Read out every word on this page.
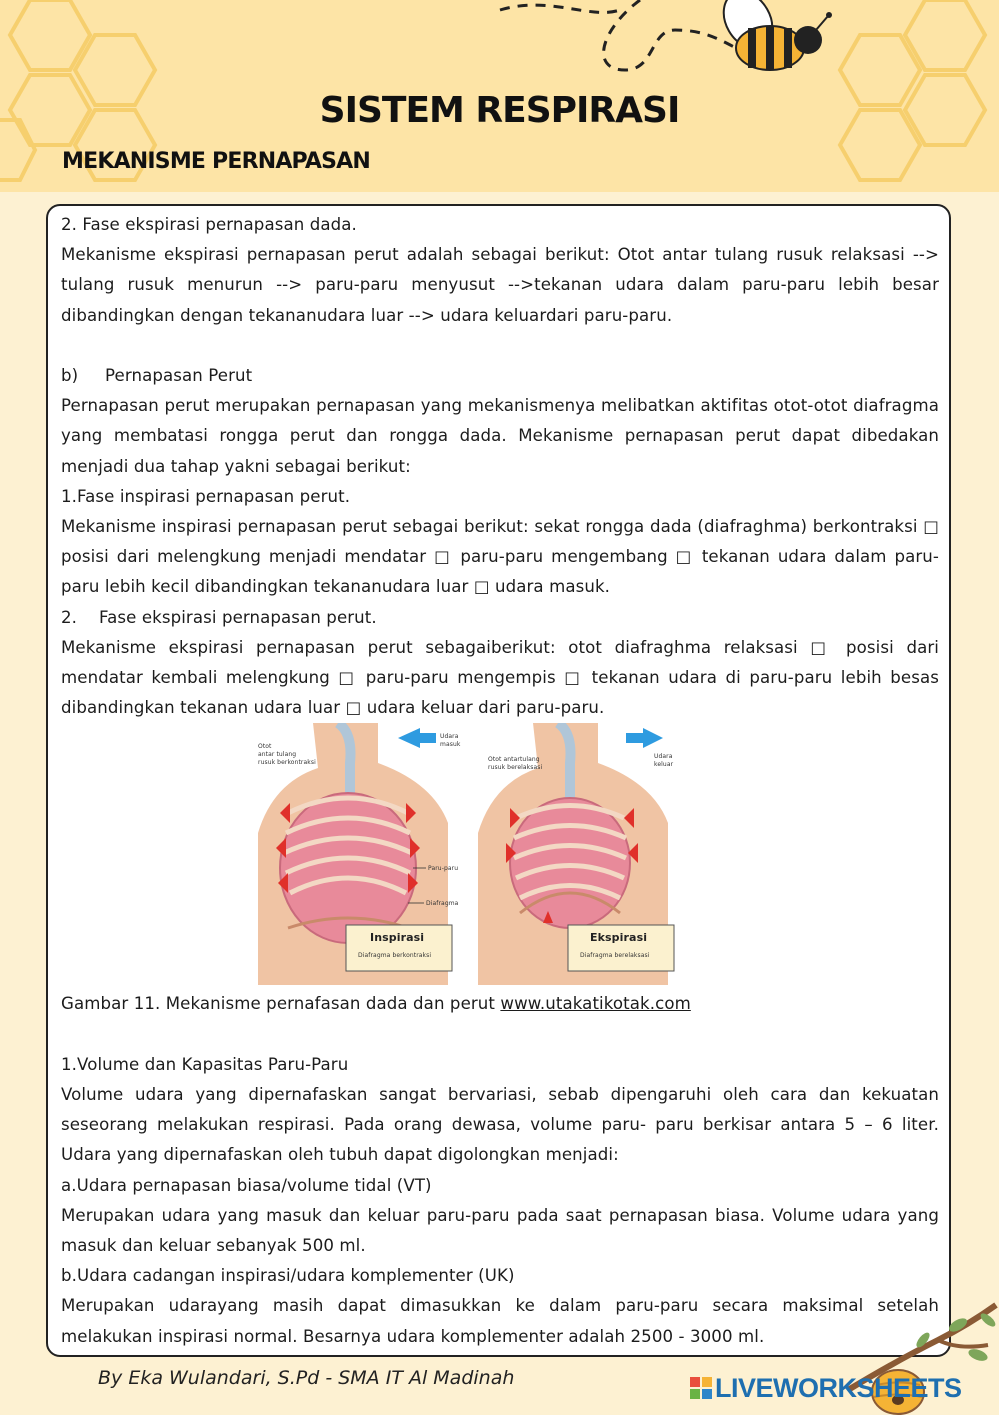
SISTEM RESPIRASI
MEKANISME PERNAPASAN

2. Fase ekspirasi pernapasan dada.

Mekanisme ekspirasi pernapasan perut adalah sebagai berikut: Otot antar tulang rusuk relaksasi --> tulang rusuk menurun --> paru-paru menyusut -->tekanan udara dalam paru-paru lebih besar dibandingkan dengan tekananudara luar --> udara keluardari paru-paru.

b) Pernapasan Perut

Pernapasan perut merupakan pernapasan yang mekanismenya melibatkan aktifitas otot-otot diafragma yang membatasi rongga perut dan rongga dada. Mekanisme pernapasan perut dapat dibedakan menjadi dua tahap yakni sebagai berikut:

1.Fase inspirasi pernapasan perut.

Mekanisme inspirasi pernapasan perut sebagai berikut: sekat rongga dada (diafraghma) berkontraksi □ posisi dari melengkung menjadi mendatar □ paru-paru mengembang □ tekanan udara dalam paru-paru lebih kecil dibandingkan tekananudara luar □ udara masuk.

2. Fase ekspirasi pernapasan perut.

Mekanisme ekspirasi pernapasan perut sebagaiberikut: otot diafraghma relaksasi □ posisi dari mendatar kembali melengkung □ paru-paru mengempis □ tekanan udara di paru-paru lebih besas dibandingkan tekanan udara luar □ udara keluar dari paru-paru.

Otot
antar tulang
rusuk berkontraksi
Udara
masuk
Paru-paru
Diafragma
Inspirasi
Diafragma berkontraksi
Otot antartulang
rusuk berelaksasi
Udara
keluar
Ekspirasi
Diafragma berelaksasi

Gambar 11. Mekanisme pernafasan dada dan perut www.utakatikotak.com

1.Volume dan Kapasitas Paru-Paru

Volume udara yang dipernafaskan sangat bervariasi, sebab dipengaruhi oleh cara dan kekuatan seseorang melakukan respirasi. Pada orang dewasa, volume paru- paru berkisar antara 5 – 6 liter. Udara yang dipernafaskan oleh tubuh dapat digolongkan menjadi:

a.Udara pernapasan biasa/volume tidal (VT)

Merupakan udara yang masuk dan keluar paru-paru pada saat pernapasan biasa. Volume udara yang masuk dan keluar sebanyak 500 ml.

b.Udara cadangan inspirasi/udara komplementer (UK)

Merupakan udarayang masih dapat dimasukkan ke dalam paru-paru secara maksimal setelah melakukan inspirasi normal. Besarnya udara komplementer adalah 2500 - 3000 ml.

By Eka Wulandari, S.Pd - SMA IT Al Madinah	LIVEWORKSHEETS
